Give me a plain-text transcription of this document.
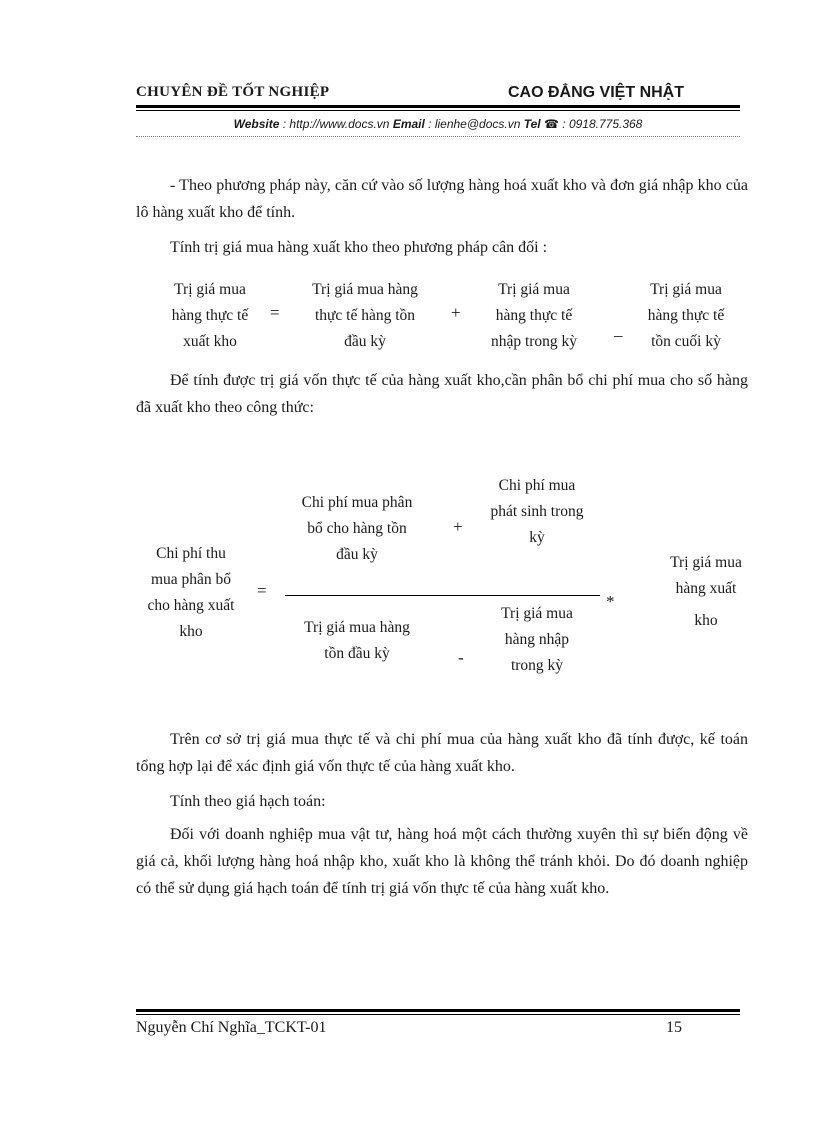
CHUYÊN ĐỀ TỐT NGHIỆP	CAO ĐẲNG VIỆT NHẬT
Website : http://www.docs.vn Email : lienhe@docs.vn Tel ☎ : 0918.775.368
- Theo phương pháp này, căn cứ vào số lượng hàng hoá xuất kho và đơn giá nhập kho của lô hàng xuất kho để tính.
Tính trị giá mua hàng xuất kho theo phương pháp cân đối :
Trị giá mua
hàng thực tế
xuất kho
=
Trị giá mua hàng
thực tế hàng tồn
đầu kỳ
+
Trị giá mua
hàng thực tế
nhập trong kỳ
_
Trị giá mua
hàng thực tế
tồn cuối kỳ
Để tính được trị giá vốn thực tế của hàng xuất kho,cần phân bổ chi phí mua cho số hàng đã xuất kho theo công thức:
Chi phí thu
mua phân bổ
cho hàng xuất
kho
=
Chi phí mua phân
bổ cho hàng tồn
đầu kỳ
+
Chi phí mua
phát sinh trong
kỳ
*
Trị giá mua hàng
tồn đầu kỳ	-
Trị giá mua
hàng nhập
trong kỳ
Trị giá mua
hàng xuất
kho
Trên cơ sở trị giá mua thực tế và chi phí mua của hàng xuất kho đã tính được, kế toán tổng hợp lại để xác định giá vốn thực tế của hàng xuất kho.
Tính theo giá hạch toán:
Đối với doanh nghiệp mua vật tư, hàng hoá một cách thường xuyên thì sự biến động về giá cả, khối lượng hàng hoá nhập kho, xuất kho là không thể tránh khỏi. Do đó doanh nghiệp có thể sử dụng giá hạch toán để tính trị giá vốn thực tế của hàng xuất kho.
Nguyễn Chí Nghĩa_TCKT-01	15
